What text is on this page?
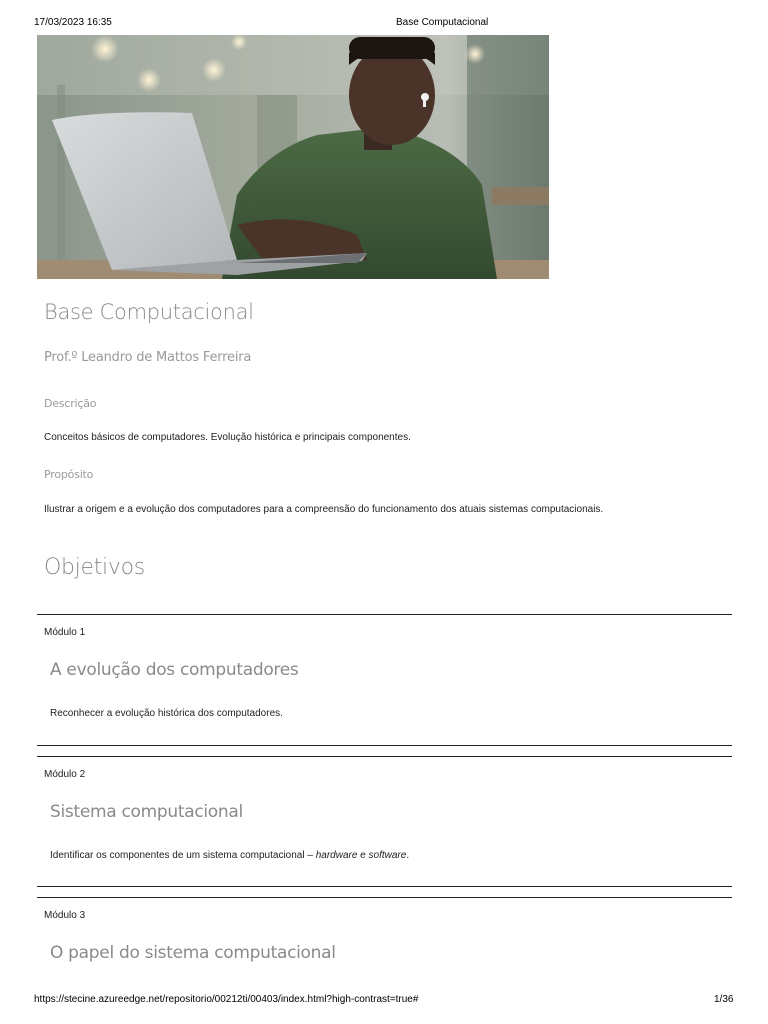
17/03/2023 16:35	Base Computacional
Base Computacional
Prof.º Leandro de Mattos Ferreira
Descrição
Conceitos básicos de computadores. Evolução histórica e principais componentes.
Propósito
Ilustrar a origem e a evolução dos computadores para a compreensão do funcionamento dos atuais sistemas computacionais.
Objetivos
Módulo 1
A evolução dos computadores
Reconhecer a evolução histórica dos computadores.
Módulo 2
Sistema computacional
Identificar os componentes de um sistema computacional – hardware e software.
Módulo 3
O papel do sistema computacional
https://stecine.azureedge.net/repositorio/00212ti/00403/index.html?high-contrast=true#	1/36
